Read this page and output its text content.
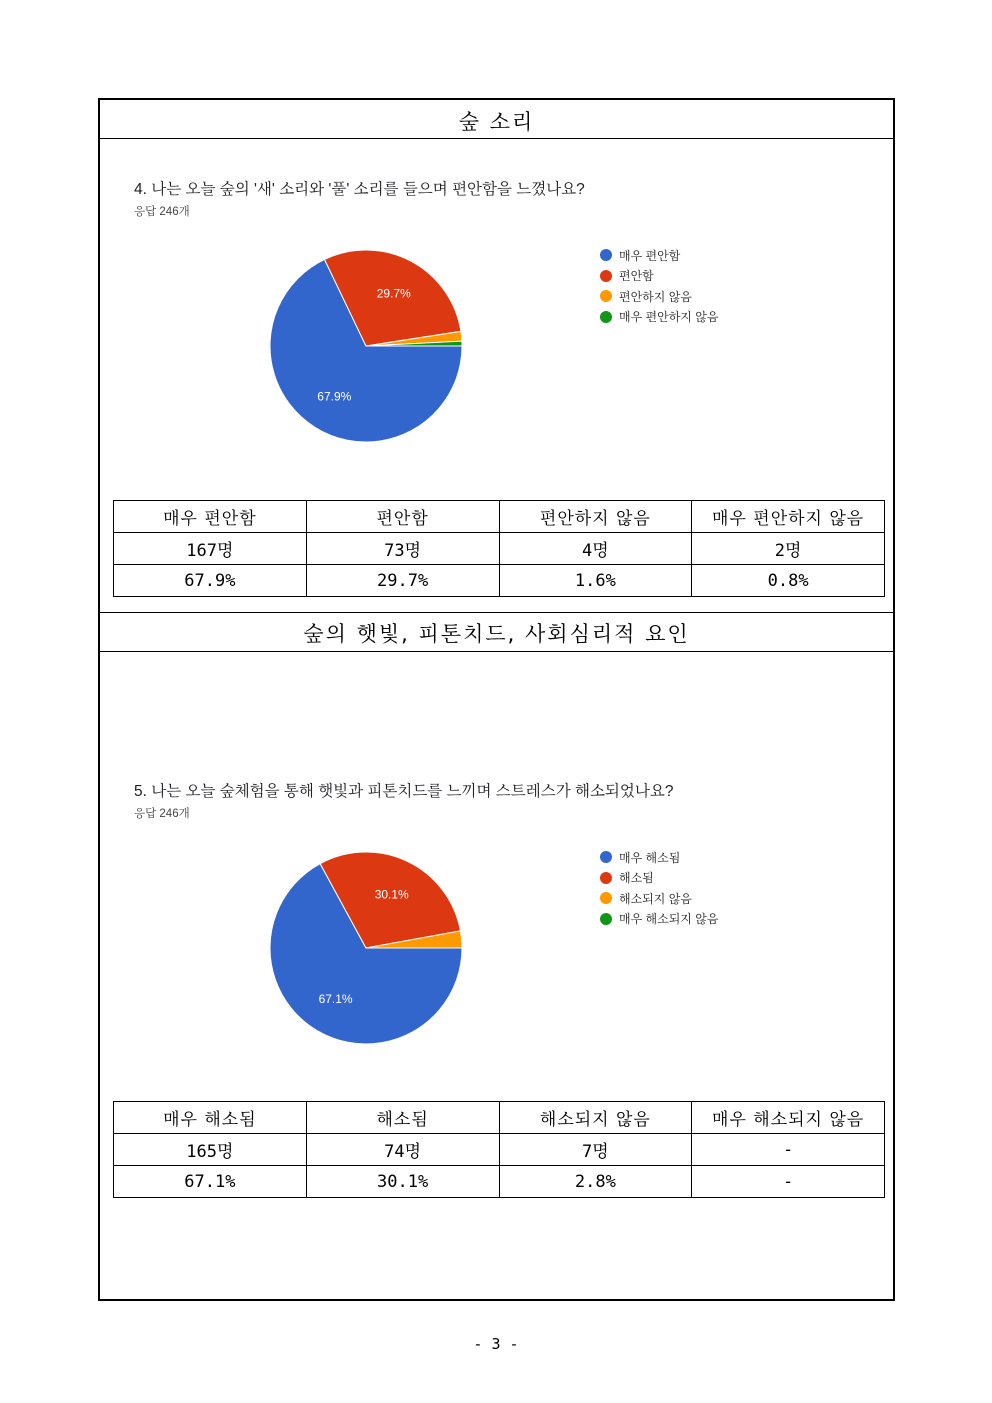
숲 소리
4. 나는 오늘 숲의 '새' 소리와 '풀' 소리를 들으며 편안함을 느꼈나요?
응답 246개
67.9%
29.7%
매우 편안함
편안함
편안하지 않음
매우 편안하지 않음
매우 편안함	편안함	편안하지 않음	매우 편안하지 않음
167명	73명	4명	2명
67.9%	29.7%	1.6%	0.8%
숲의 햇빛, 피톤치드, 사회심리적 요인
5. 나는 오늘 숲체험을 통해 햇빛과 피톤치드를 느끼며 스트레스가 해소되었나요?
응답 246개
67.1%
30.1%
매우 해소됨
해소됨
해소되지 않음
매우 해소되지 않음
매우 해소됨	해소됨	해소되지 않음	매우 해소되지 않음
165명	74명	7명	-
67.1%	30.1%	2.8%	-
- 3 -
